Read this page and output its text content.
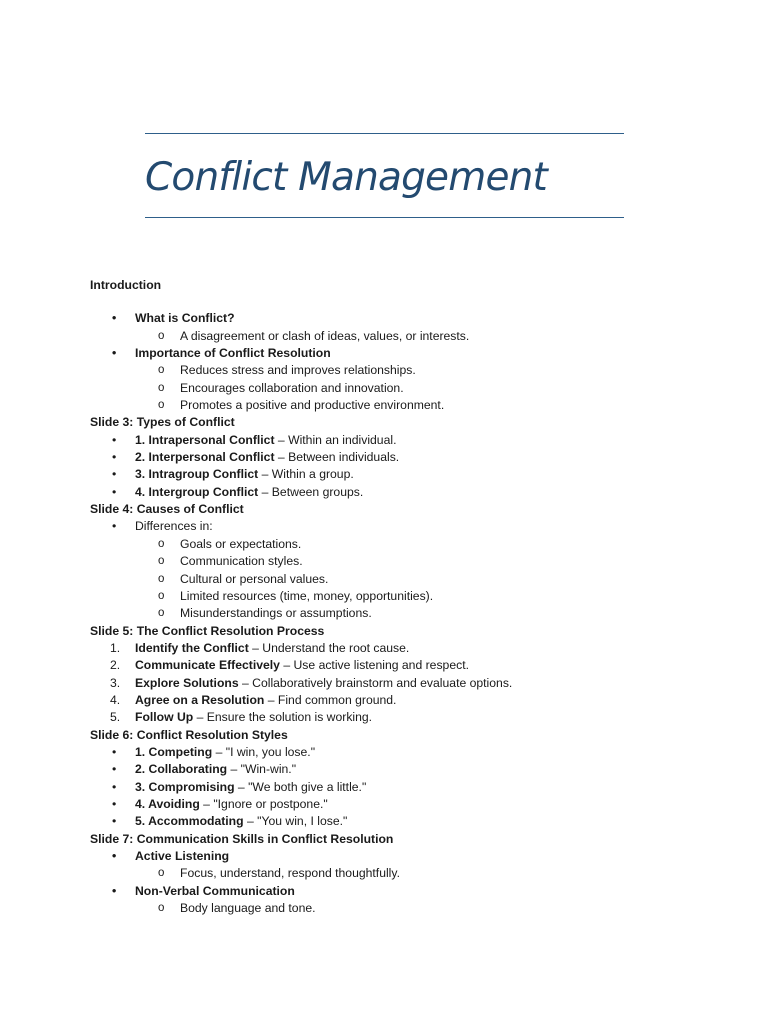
Conflict Management
Introduction
• What is Conflict?
o A disagreement or clash of ideas, values, or interests.
• Importance of Conflict Resolution
o Reduces stress and improves relationships.
o Encourages collaboration and innovation.
o Promotes a positive and productive environment.
Slide 3: Types of Conflict
• 1. Intrapersonal Conflict – Within an individual.
• 2. Interpersonal Conflict – Between individuals.
• 3. Intragroup Conflict – Within a group.
• 4. Intergroup Conflict – Between groups.
Slide 4: Causes of Conflict
• Differences in:
o Goals or expectations.
o Communication styles.
o Cultural or personal values.
o Limited resources (time, money, opportunities).
o Misunderstandings or assumptions.
Slide 5: The Conflict Resolution Process
1. Identify the Conflict – Understand the root cause.
2. Communicate Effectively – Use active listening and respect.
3. Explore Solutions – Collaboratively brainstorm and evaluate options.
4. Agree on a Resolution – Find common ground.
5. Follow Up – Ensure the solution is working.
Slide 6: Conflict Resolution Styles
• 1. Competing – "I win, you lose."
• 2. Collaborating – "Win-win."
• 3. Compromising – "We both give a little."
• 4. Avoiding – "Ignore or postpone."
• 5. Accommodating – "You win, I lose."
Slide 7: Communication Skills in Conflict Resolution
• Active Listening
o Focus, understand, respond thoughtfully.
• Non-Verbal Communication
o Body language and tone.
